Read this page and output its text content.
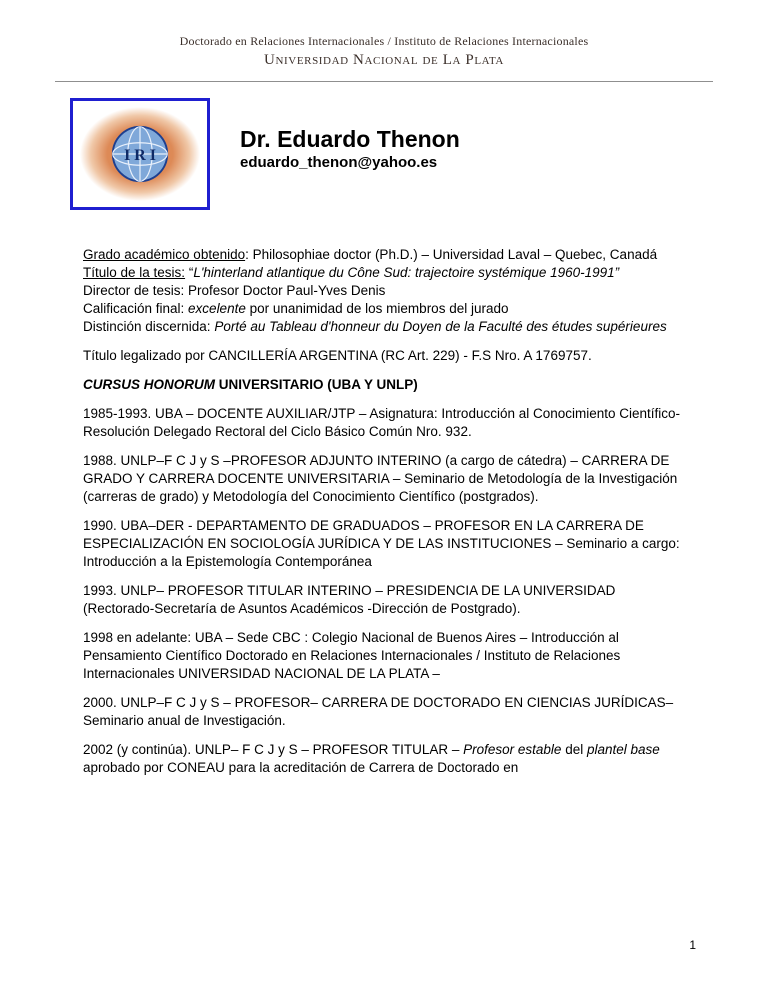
Doctorado en Relaciones Internacionales / Instituto de Relaciones Internacionales
Universidad Nacional de La Plata
I R I
Dr. Eduardo Thenon
eduardo_thenon@yahoo.es

Grado académico obtenido: Philosophiae doctor (Ph.D.) – Universidad Laval – Quebec, Canadá

Título de la tesis: “L'hinterland atlantique du Cône Sud: trajectoire systémique 1960-1991”

Director de tesis: Profesor Doctor Paul-Yves Denis

Calificación final: excelente por unanimidad de los miembros del jurado

Distinción discernida: Porté au Tableau d'honneur du Doyen de la Faculté des études supérieures

Título legalizado por CANCILLERÍA ARGENTINA (RC Art. 229) - F.S Nro. A 1769757.

CURSUS HONORUM UNIVERSITARIO (UBA Y UNLP)

1985-1993. UBA – DOCENTE AUXILIAR/JTP – Asignatura: Introducción al Conocimiento Científico-Resolución Delegado Rectoral del Ciclo Básico Común Nro. 932.

1988. UNLP–F C J y S –PROFESOR ADJUNTO INTERINO (a cargo de cátedra) – CARRERA DE GRADO Y CARRERA DOCENTE UNIVERSITARIA – Seminario de Metodología de la Investigación (carreras de grado) y Metodología del Conocimiento Científico (postgrados).

1990. UBA–DER - DEPARTAMENTO DE GRADUADOS – PROFESOR EN LA CARRERA DE ESPECIALIZACIÓN EN SOCIOLOGÍA JURÍDICA Y DE LAS INSTITUCIONES – Seminario a cargo: Introducción a la Epistemología Contemporánea

1993. UNLP– PROFESOR TITULAR INTERINO – PRESIDENCIA DE LA UNIVERSIDAD (Rectorado-Secretaría de Asuntos Académicos -Dirección de Postgrado).

1998 en adelante: UBA – Sede CBC : Colegio Nacional de Buenos Aires – Introducción al Pensamiento Científico Doctorado en Relaciones Internacionales / Instituto de Relaciones Internacionales UNIVERSIDAD NACIONAL DE LA PLATA –

2000. UNLP–F C J y S – PROFESOR– CARRERA DE DOCTORADO EN CIENCIAS JURÍDICAS– Seminario anual de Investigación.

2002 (y continúa). UNLP– F C J y S – PROFESOR TITULAR – Profesor estable del plantel base aprobado por CONEAU para la acreditación de Carrera de Doctorado en

1
